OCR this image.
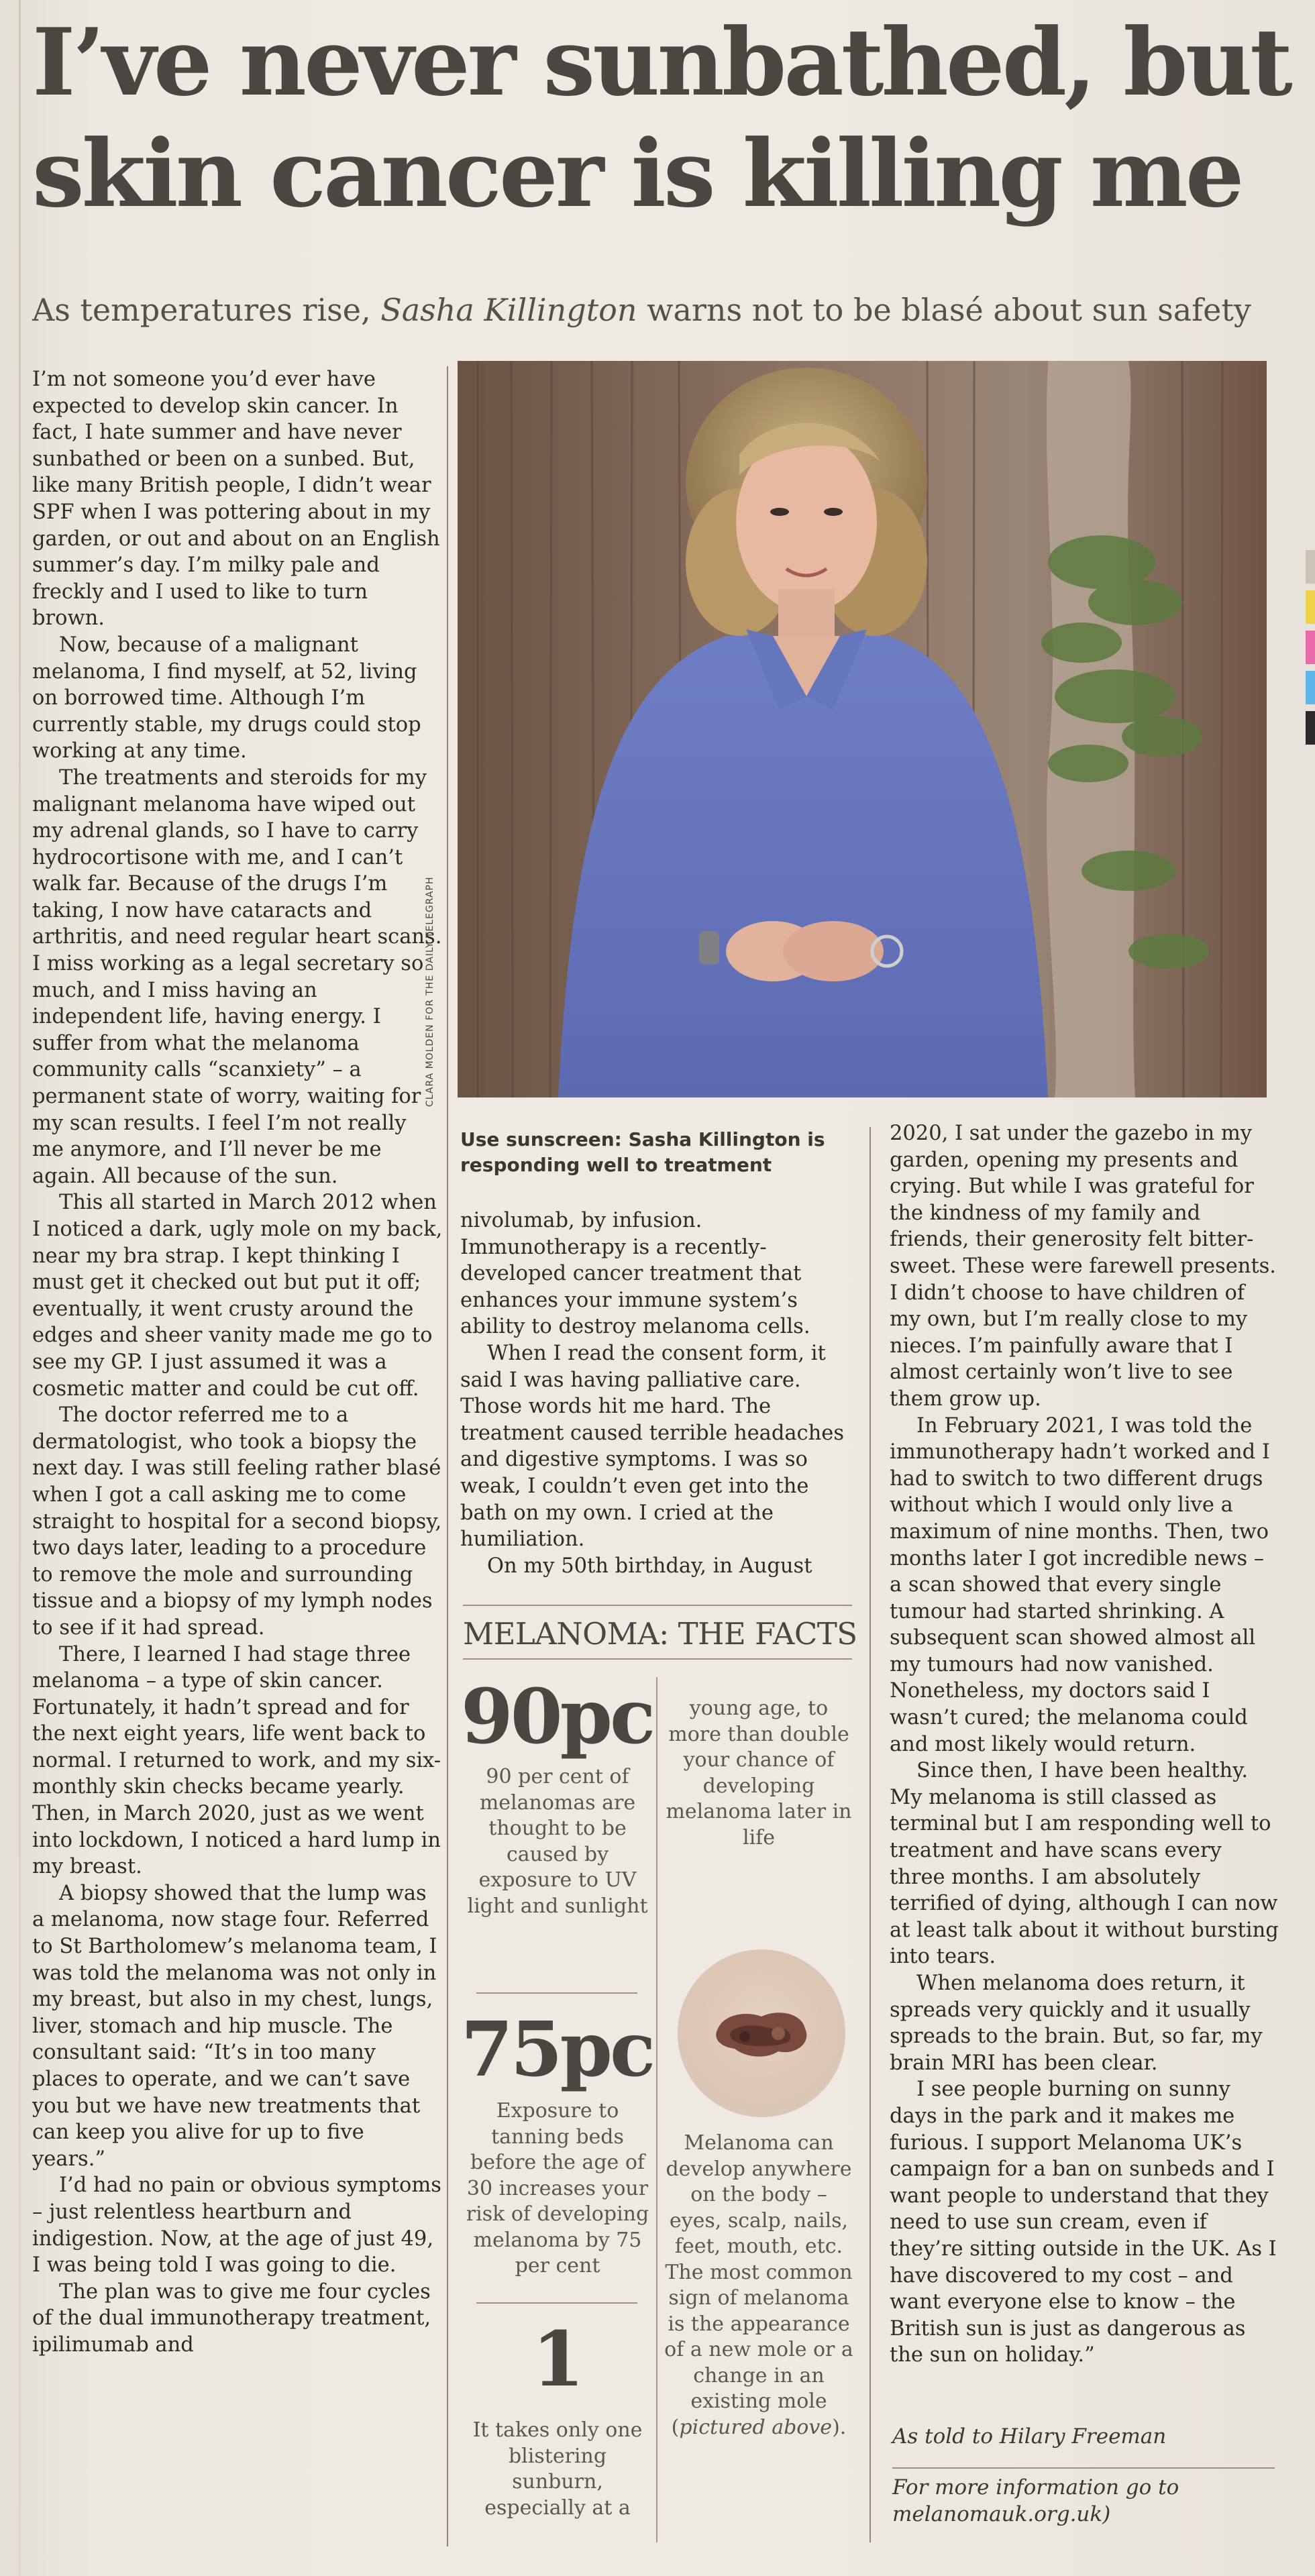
I’ve never sunbathed, but
skin cancer is killing me

As temperatures rise, Sasha Killington warns not to be blasé about sun safety

I’m not someone you’d ever have expected to develop skin cancer. In fact, I hate summer and have never sunbathed or been on a sunbed. But, like many British people, I didn’t wear SPF when I was pottering about in my garden, or out and about on an English summer’s day. I’m milky pale and freckly and I used to like to turn brown.

Now, because of a malignant melanoma, I find myself, at 52, living on borrowed time. Although I’m currently stable, my drugs could stop working at any time.

The treatments and steroids for my malignant melanoma have wiped out my adrenal glands, so I have to carry hydrocortisone with me, and I can’t walk far. Because of the drugs I’m taking, I now have cataracts and arthritis, and need regular heart scans. I miss working as a legal secretary so much, and I miss having an independent life, having energy. I suffer from what the melanoma community calls “scanxiety” – a permanent state of worry, waiting for my scan results. I feel I’m not really me anymore, and I’ll never be me again. All because of the sun.

This all started in March 2012 when I noticed a dark, ugly mole on my back, near my bra strap. I kept thinking I must get it checked out but put it off; eventually, it went crusty around the edges and sheer vanity made me go to see my GP. I just assumed it was a cosmetic matter and could be cut off.

The doctor referred me to a dermatologist, who took a biopsy the next day. I was still feeling rather blasé when I got a call asking me to come straight to hospital for a second biopsy, two days later, leading to a procedure to remove the mole and surrounding tissue and a biopsy of my lymph nodes to see if it had spread.

There, I learned I had stage three melanoma – a type of skin cancer. Fortunately, it hadn’t spread and for the next eight years, life went back to normal. I returned to work, and my six-monthly skin checks became yearly. Then, in March 2020, just as we went into lockdown, I noticed a hard lump in my breast.

A biopsy showed that the lump was a melanoma, now stage four. Referred to St Bartholomew’s melanoma team, I was told the melanoma was not only in my breast, but also in my chest, lungs, liver, stomach and hip muscle. The consultant said: “It’s in too many places to operate, and we can’t save you but we have new treatments that can keep you alive for up to five years.”

I’d had no pain or obvious symptoms – just relentless heartburn and indigestion. Now, at the age of just 49, I was being told I was going to die.

The plan was to give me four cycles of the dual immunotherapy treatment, ipilimumab and

CLARA MOLDEN FOR THE DAILY TELEGRAPH
Use sunscreen: Sasha Killington is responding well to treatment

nivolumab, by infusion. Immunotherapy is a recently-developed cancer treatment that enhances your immune system’s ability to destroy melanoma cells.

When I read the consent form, it said I was having palliative care. Those words hit me hard. The treatment caused terrible headaches and digestive symptoms. I was so weak, I couldn’t even get into the bath on my own. I cried at the humiliation.

On my 50th birthday, in August

MELANOMA: THE FACTS
90pc
90 per cent of melanomas are thought to be caused by exposure to UV light and sunlight
75pc
Exposure to tanning beds before the age of 30 increases your risk of developing melanoma by 75 per cent
1
It takes only one blistering sunburn, especially at a
young age, to more than double your chance of developing melanoma later in life
Melanoma can develop anywhere on the body – eyes, scalp, nails, feet, mouth, etc. The most common sign of melanoma is the appearance of a new mole or a change in an existing mole (pictured above).

2020, I sat under the gazebo in my garden, opening my presents and crying. But while I was grateful for the kindness of my family and friends, their generosity felt bitter-sweet. These were farewell presents. I didn’t choose to have children of my own, but I’m really close to my nieces. I’m painfully aware that I almost certainly won’t live to see them grow up.

In February 2021, I was told the immunotherapy hadn’t worked and I had to switch to two different drugs without which I would only live a maximum of nine months. Then, two months later I got incredible news – a scan showed that every single tumour had started shrinking. A subsequent scan showed almost all my tumours had now vanished. Nonetheless, my doctors said I wasn’t cured; the melanoma could and most likely would return.

Since then, I have been healthy. My melanoma is still classed as terminal but I am responding well to treatment and have scans every three months. I am absolutely terrified of dying, although I can now at least talk about it without bursting into tears.

When melanoma does return, it spreads very quickly and it usually spreads to the brain. But, so far, my brain MRI has been clear.

I see people burning on sunny days in the park and it makes me furious. I support Melanoma UK’s campaign for a ban on sunbeds and I want people to understand that they need to use sun cream, even if they’re sitting outside in the UK. As I have discovered to my cost – and want everyone else to know – the British sun is just as dangerous as the sun on holiday.”

As told to Hilary Freeman
For more information go to melanomauk.org.uk)
